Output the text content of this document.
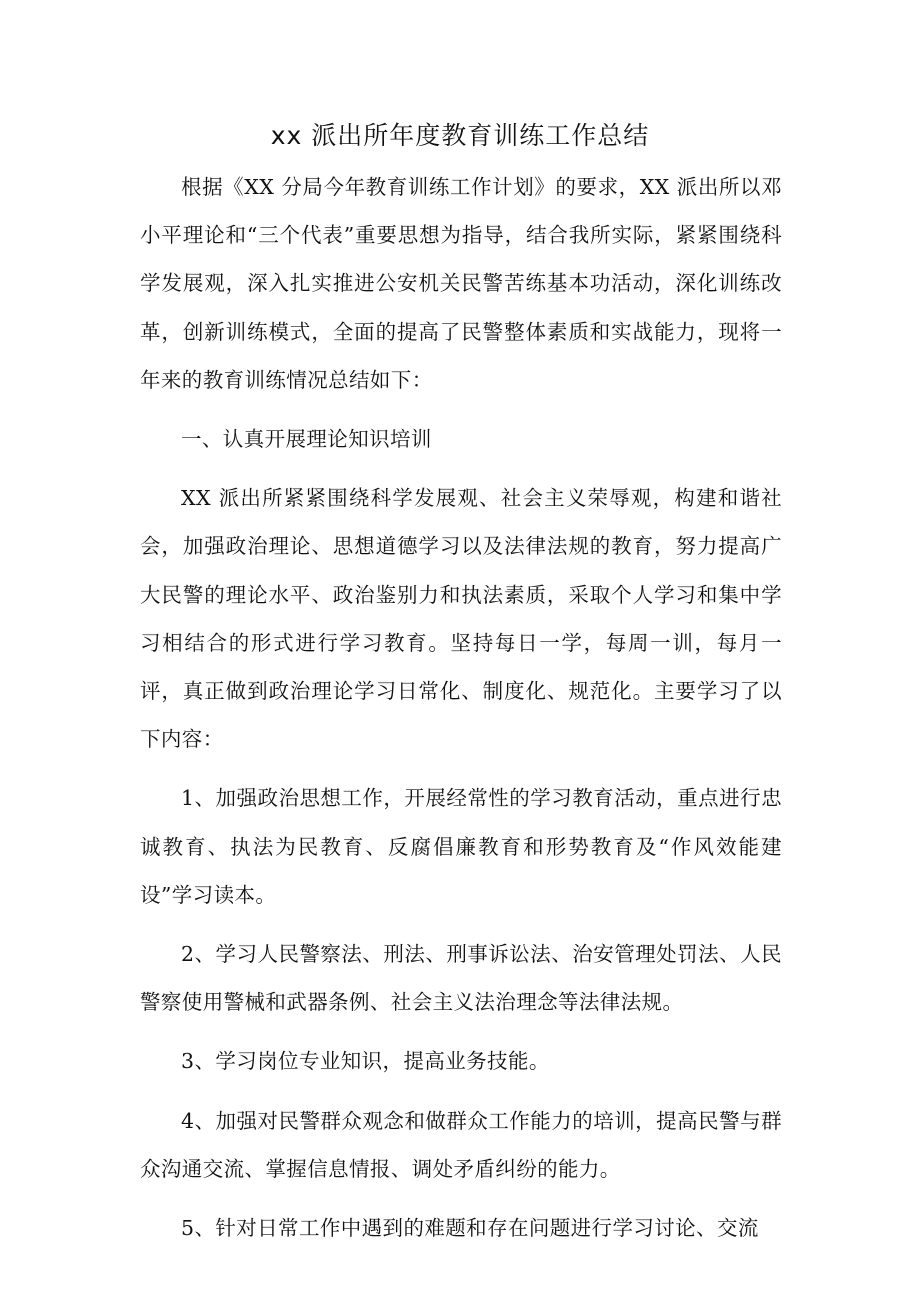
xx 派出所年度教育训练工作总结

根据《XX 分局今年教育训练工作计划》的要求，XX 派出所以邓小平理论和“三个代表”重要思想为指导，结合我所实际，紧紧围绕科学发展观，深入扎实推进公安机关民警苦练基本功活动，深化训练改革，创新训练模式，全面的提高了民警整体素质和实战能力，现将一年来的教育训练情况总结如下：

一、认真开展理论知识培训

XX 派出所紧紧围绕科学发展观、社会主义荣辱观，构建和谐社会，加强政治理论、思想道德学习以及法律法规的教育，努力提高广大民警的理论水平、政治鉴别力和执法素质，采取个人学习和集中学习相结合的形式进行学习教育。坚持每日一学，每周一训，每月一评，真正做到政治理论学习日常化、制度化、规范化。主要学习了以下内容：

1、加强政治思想工作，开展经常性的学习教育活动，重点进行忠诚教育、执法为民教育、反腐倡廉教育和形势教育及“作风效能建设”学习读本。

2、学习人民警察法、刑法、刑事诉讼法、治安管理处罚法、人民警察使用警械和武器条例、社会主义法治理念等法律法规。

3、学习岗位专业知识，提高业务技能。

4、加强对民警群众观念和做群众工作能力的培训，提高民警与群众沟通交流、掌握信息情报、调处矛盾纠纷的能力。

5、针对日常工作中遇到的难题和存在问题进行学习讨论、交流
